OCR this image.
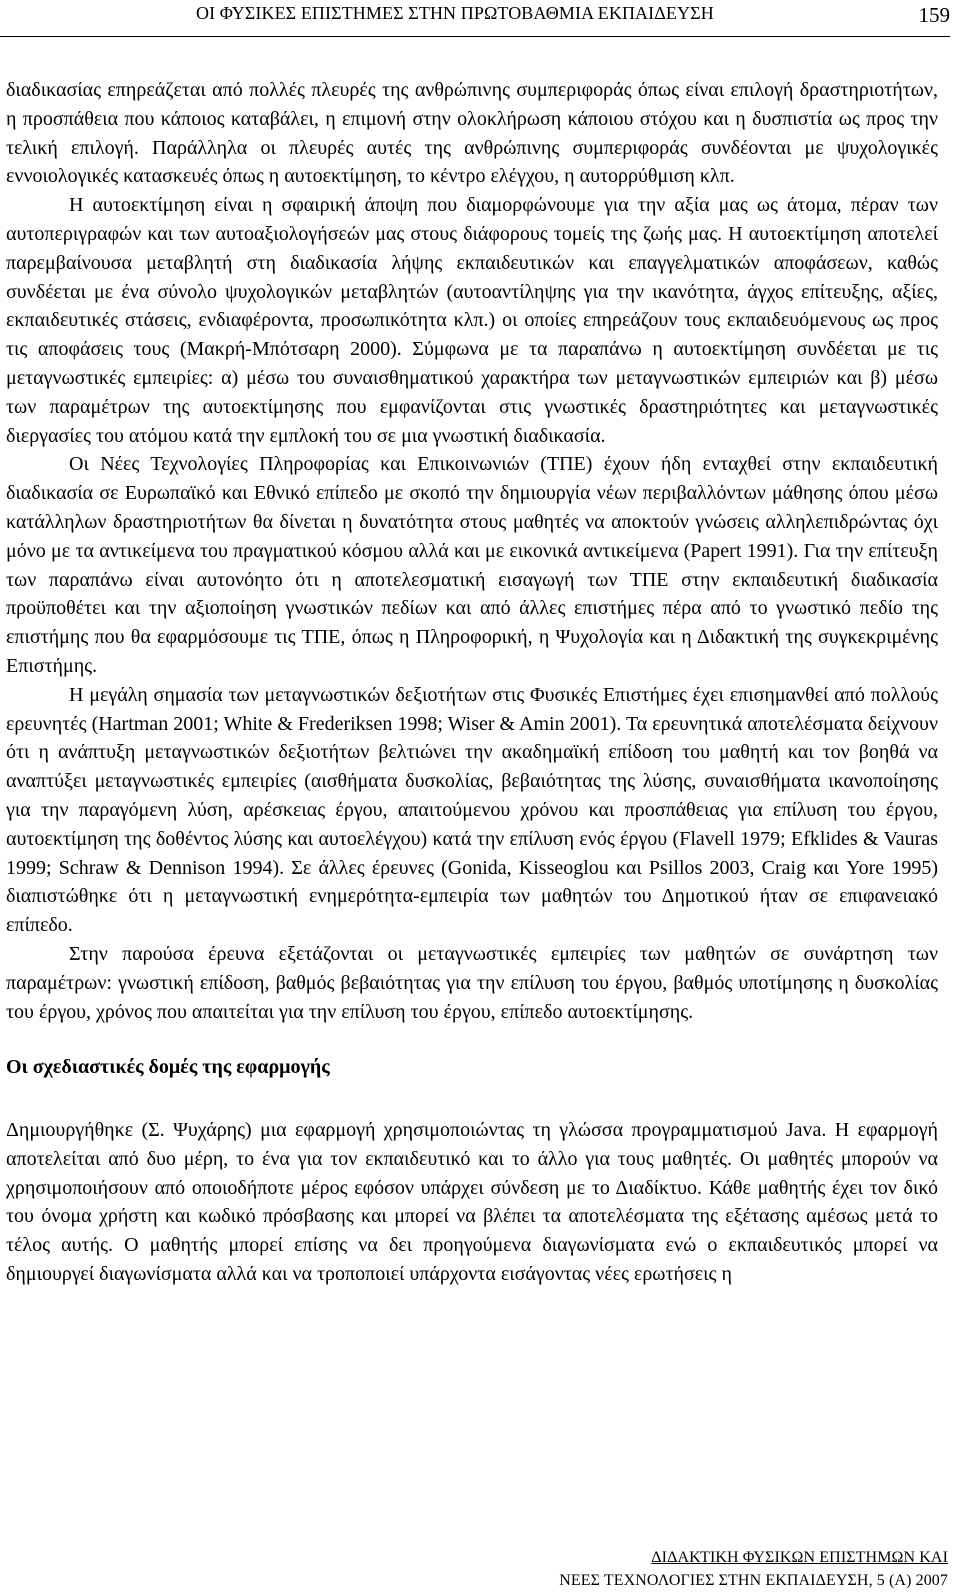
ΟΙ ΦΥΣΙΚΕΣ ΕΠΙΣΤΗΜΕΣ ΣΤΗΝ ΠΡΩΤΟΒΑΘΜΙΑ ΕΚΠΑΙΔΕΥΣΗ	159

διαδικασίας επηρεάζεται από πολλές πλευρές της ανθρώπινης συμπεριφοράς όπως είναι επιλογή δραστηριοτήτων, η προσπάθεια που κάποιος καταβάλει, η επιμονή στην ολοκλήρωση κάποιου στόχου και η δυσπιστία ως προς την τελική επιλογή. Παράλληλα οι πλευρές αυτές της ανθρώπινης συμπεριφοράς συνδέονται με ψυχολογικές εννοιολογικές κατασκευές όπως η αυτοεκτίμηση, το κέντρο ελέγχου, η αυτορρύθμιση κλπ.

Η αυτοεκτίμηση είναι η σφαιρική άποψη που διαμορφώνουμε για την αξία μας ως άτομα, πέραν των αυτοπεριγραφών και των αυτοαξιολογήσεών μας στους διάφορους τομείς της ζωής μας. Η αυτοεκτίμηση αποτελεί παρεμβαίνουσα μεταβλητή στη διαδικασία λήψης εκπαιδευτικών και επαγγελματικών αποφάσεων, καθώς συνδέεται με ένα σύνολο ψυχολογικών μεταβλητών (αυτοαντίληψης για την ικανότητα, άγχος επίτευξης, αξίες, εκπαιδευτικές στάσεις, ενδιαφέροντα, προσωπικότητα κλπ.) οι οποίες επηρεάζουν τους εκπαιδευόμενους ως προς τις αποφάσεις τους (Μακρή-Μπότσαρη 2000). Σύμφωνα με τα παραπάνω η αυτοεκτίμηση συνδέεται με τις μεταγνωστικές εμπειρίες: α) μέσω του συναισθηματικού χαρακτήρα των μεταγνωστικών εμπειριών και β) μέσω των παραμέτρων της αυτοεκτίμησης που εμφανίζονται στις γνωστικές δραστηριότητες και μεταγνωστικές διεργασίες του ατόμου κατά την εμπλοκή του σε μια γνωστική διαδικασία.

Οι Νέες Τεχνολογίες Πληροφορίας και Επικοινωνιών (ΤΠΕ) έχουν ήδη ενταχθεί στην εκπαιδευτική διαδικασία σε Ευρωπαϊκό και Εθνικό επίπεδο με σκοπό την δημιουργία νέων περιβαλλόντων μάθησης όπου μέσω κατάλληλων δραστηριοτήτων θα δίνεται η δυνατότητα στους μαθητές να αποκτούν γνώσεις αλληλεπιδρώντας όχι μόνο με τα αντικείμενα του πραγματικού κόσμου αλλά και με εικονικά αντικείμενα (Papert 1991). Για την επίτευξη των παραπάνω είναι αυτονόητο ότι η αποτελεσματική εισαγωγή των ΤΠΕ στην εκπαιδευτική διαδικασία προϋποθέτει και την αξιοποίηση γνωστικών πεδίων και από άλλες επιστήμες πέρα από το γνωστικό πεδίο της επιστήμης που θα εφαρμόσουμε τις ΤΠΕ, όπως η Πληροφορική, η Ψυχολογία και η Διδακτική της συγκεκριμένης Επιστήμης.

Η μεγάλη σημασία των μεταγνωστικών δεξιοτήτων στις Φυσικές Επιστήμες έχει επισημανθεί από πολλούς ερευνητές (Hartman 2001; White & Frederiksen 1998; Wiser & Amin 2001). Τα ερευνητικά αποτελέσματα δείχνουν ότι η ανάπτυξη μεταγνωστικών δεξιοτήτων βελτιώνει την ακαδημαϊκή επίδοση του μαθητή και τον βοηθά να αναπτύξει μεταγνωστικές εμπειρίες (αισθήματα δυσκολίας, βεβαιότητας της λύσης, συναισθήματα ικανοποίησης για την παραγόμενη λύση, αρέσκειας έργου, απαιτούμενου χρόνου και προσπάθειας για επίλυση του έργου, αυτοεκτίμηση της δοθέντος λύσης και αυτοελέγχου) κατά την επίλυση ενός έργου (Flavell 1979; Efklides & Vauras 1999; Schraw & Dennison 1994). Σε άλλες έρευνες (Gonida, Kisseoglou και Psillos 2003, Craig και Yore 1995) διαπιστώθηκε ότι η μεταγνωστική ενημερότητα-εμπειρία των μαθητών του Δημοτικού ήταν σε επιφανειακό επίπεδο.

Στην παρούσα έρευνα εξετάζονται οι μεταγνωστικές εμπειρίες των μαθητών σε συνάρτηση των παραμέτρων: γνωστική επίδοση, βαθμός βεβαιότητας για την επίλυση του έργου, βαθμός υποτίμησης η δυσκολίας του έργου, χρόνος που απαιτείται για την επίλυση του έργου, επίπεδο αυτοεκτίμησης.

Οι σχεδιαστικές δομές της εφαρμογής

Δημιουργήθηκε (Σ. Ψυχάρης) μια εφαρμογή χρησιμοποιώντας τη γλώσσα προγραμματισμού Java. Η εφαρμογή αποτελείται από δυο μέρη, το ένα για τον εκπαιδευτικό και το άλλο για τους μαθητές. Οι μαθητές μπορούν να χρησιμοποιήσουν από οποιοδήποτε μέρος εφόσον υπάρχει σύνδεση με το Διαδίκτυο. Κάθε μαθητής έχει τον δικό του όνομα χρήστη και κωδικό πρόσβασης και μπορεί να βλέπει τα αποτελέσματα της εξέτασης αμέσως μετά το τέλος αυτής. Ο μαθητής μπορεί επίσης να δει προηγούμενα διαγωνίσματα ενώ ο εκπαιδευτικός μπορεί να δημιουργεί διαγωνίσματα αλλά και να τροποποιεί υπάρχοντα εισάγοντας νέες ερωτήσεις η

ΔΙΔΑΚΤΙΚΗ ΦΥΣΙΚΩΝ ΕΠΙΣΤΗΜΩΝ ΚΑΙ
ΝΕΕΣ ΤΕΧΝΟΛΟΓΙΕΣ ΣΤΗΝ ΕΚΠΑΙΔΕΥΣΗ, 5 (Α) 2007
